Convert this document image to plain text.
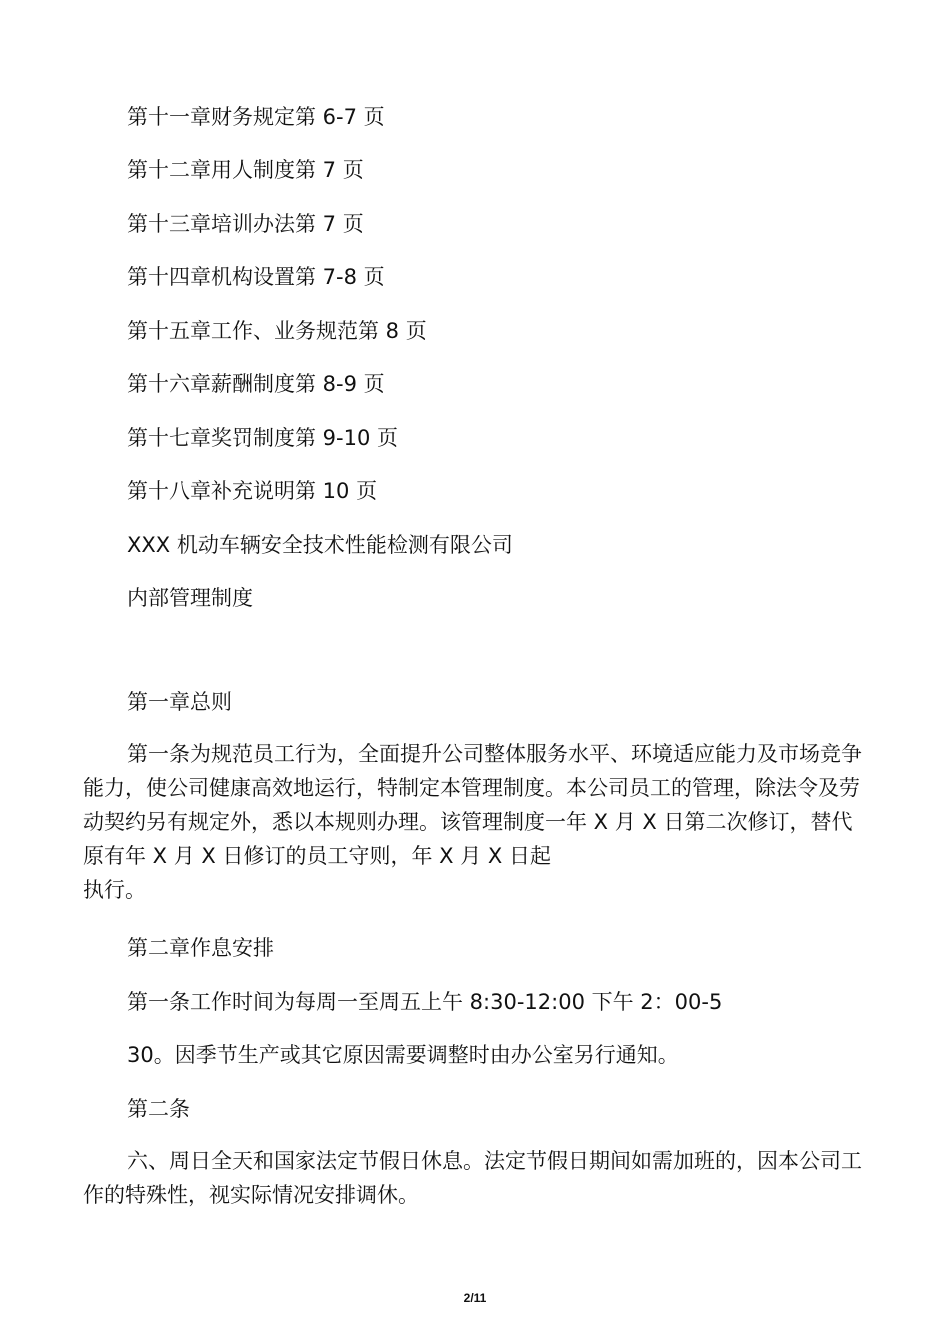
第十一章财务规定第 6-7 页
第十二章用人制度第 7 页
第十三章培训办法第 7 页
第十四章机构设置第 7-8 页
第十五章工作、业务规范第 8 页
第十六章薪酬制度第 8-9 页
第十七章奖罚制度第 9-10 页
第十八章补充说明第 10 页
XXX 机动车辆安全技术性能检测有限公司
内部管理制度
第一章总则
第一条为规范员工行为，全面提升公司整体服务水平、环境适应能力及市场竞争能力，使公司健康高效地运行，特制定本管理制度。本公司员工的管理，除法令及劳动契约另有规定外，悉以本规则办理。该管理制度一年 X 月 X 日第二次修订，替代原有年 X 月 X 日修订的员工守则，年 X 月 X 日起
执行。
第二章作息安排
第一条工作时间为每周一至周五上午 8:30-12:00 下午 2：00-5
30。因季节生产或其它原因需要调整时由办公室另行通知。
第二条
六、周日全天和国家法定节假日休息。法定节假日期间如需加班的，因本公司工作的特殊性，视实际情况安排调休。
2/11
